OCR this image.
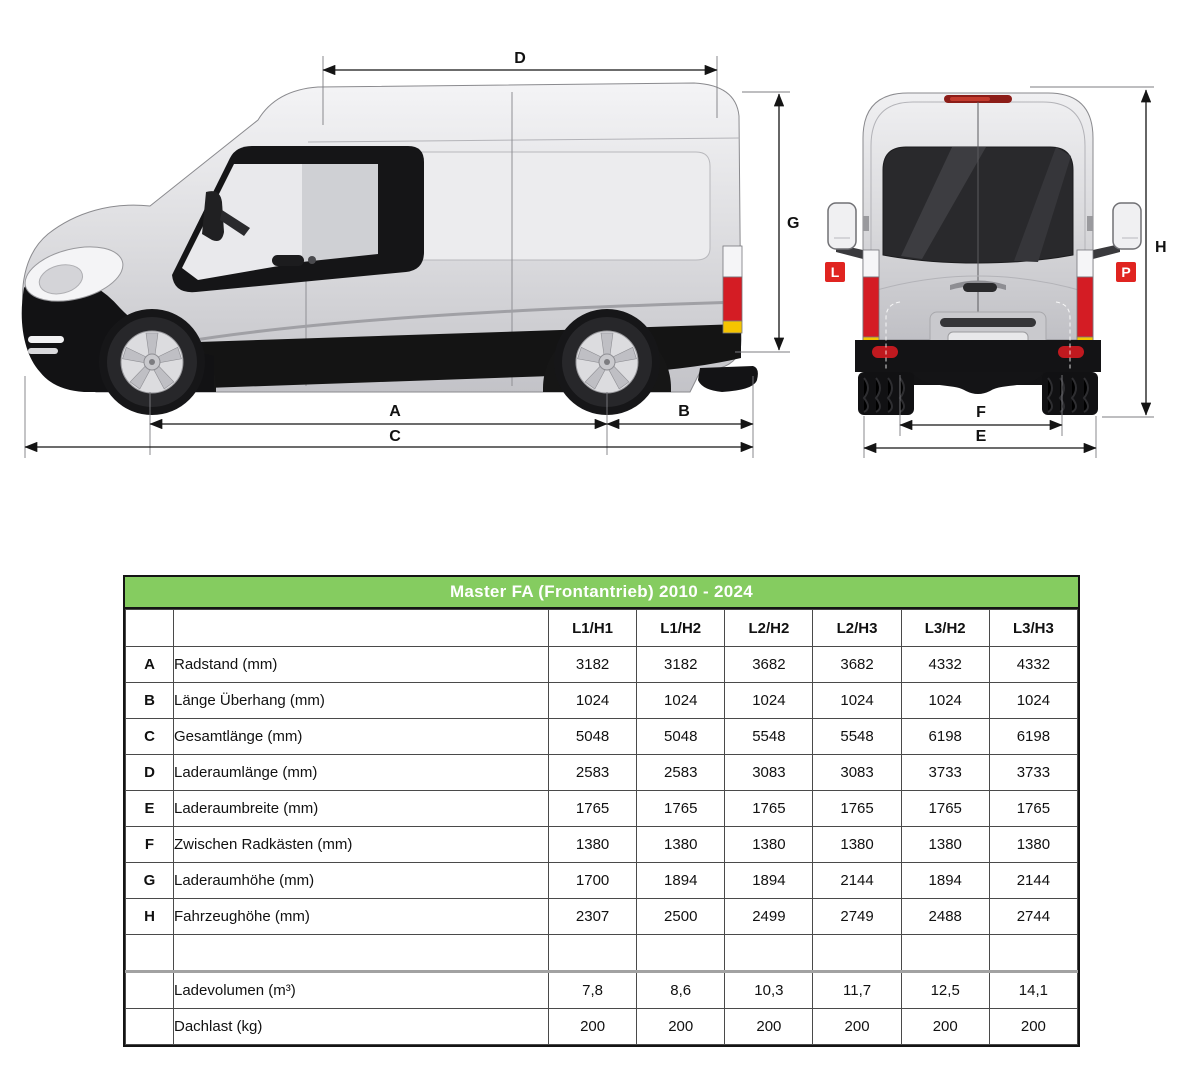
D
G
A	B
C
L	P
H
F
E
Master FA (Frontantrieb) 2010 - 2024
		L1/H1	L1/H2	L2/H2	L2/H3	L3/H2	L3/H3
A	Radstand (mm)	3182	3182	3682	3682	4332	4332
B	Länge Überhang (mm)	1024	1024	1024	1024	1024	1024
C	Gesamtlänge (mm)	5048	5048	5548	5548	6198	6198
D	Laderaumlänge (mm)	2583	2583	3083	3083	3733	3733
E	Laderaumbreite (mm)	1765	1765	1765	1765	1765	1765
F	Zwischen Radkästen (mm)	1380	1380	1380	1380	1380	1380
G	Laderaumhöhe (mm)	1700	1894	1894	2144	1894	2144
H	Fahrzeughöhe (mm)	2307	2500	2499	2749	2488	2744

	Ladevolumen (m³)	7,8	8,6	10,3	11,7	12,5	14,1
	Dachlast (kg)	200	200	200	200	200	200
